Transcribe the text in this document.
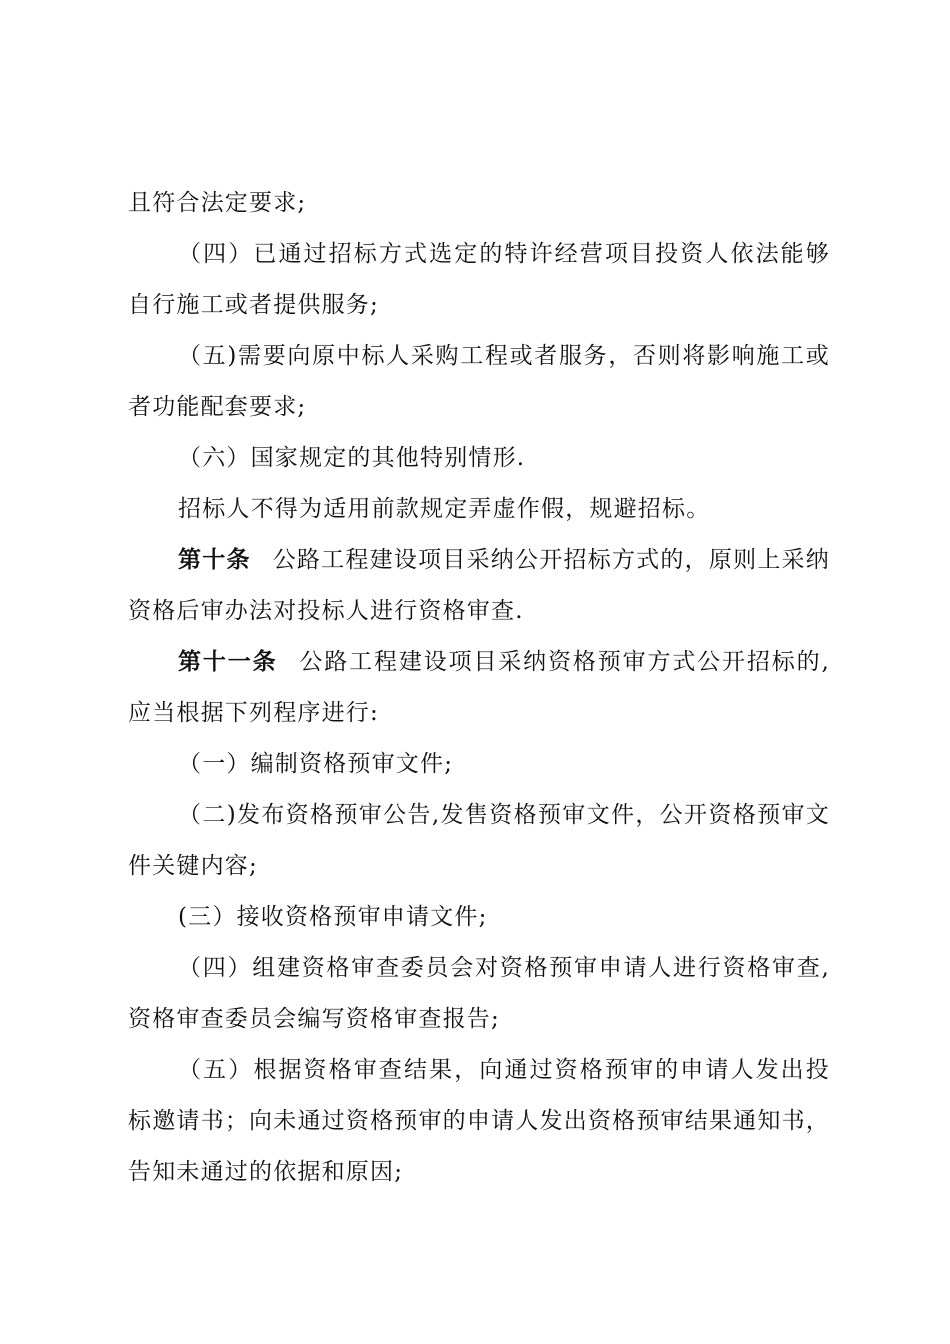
且符合法定要求;

（四）已通过招标方式选定的特许经营项目投资人依法能够自行施工或者提供服务;

（五)需要向原中标人采购工程或者服务，否则将影响施工或者功能配套要求;

（六）国家规定的其他特别情形.

招标人不得为适用前款规定弄虚作假，规避招标。

第十条 公路工程建设项目采纳公开招标方式的，原则上采纳资格后审办法对投标人进行资格审查.

第十一条 公路工程建设项目采纳资格预审方式公开招标的,应当根据下列程序进行:

（一）编制资格预审文件;

（二)发布资格预审公告,发售资格预审文件，公开资格预审文件关键内容;

(三）接收资格预审申请文件;

（四）组建资格审查委员会对资格预审申请人进行资格审查,资格审查委员会编写资格审查报告;

（五）根据资格审查结果，向通过资格预审的申请人发出投标邀请书；向未通过资格预审的申请人发出资格预审结果通知书，告知未通过的依据和原因;
